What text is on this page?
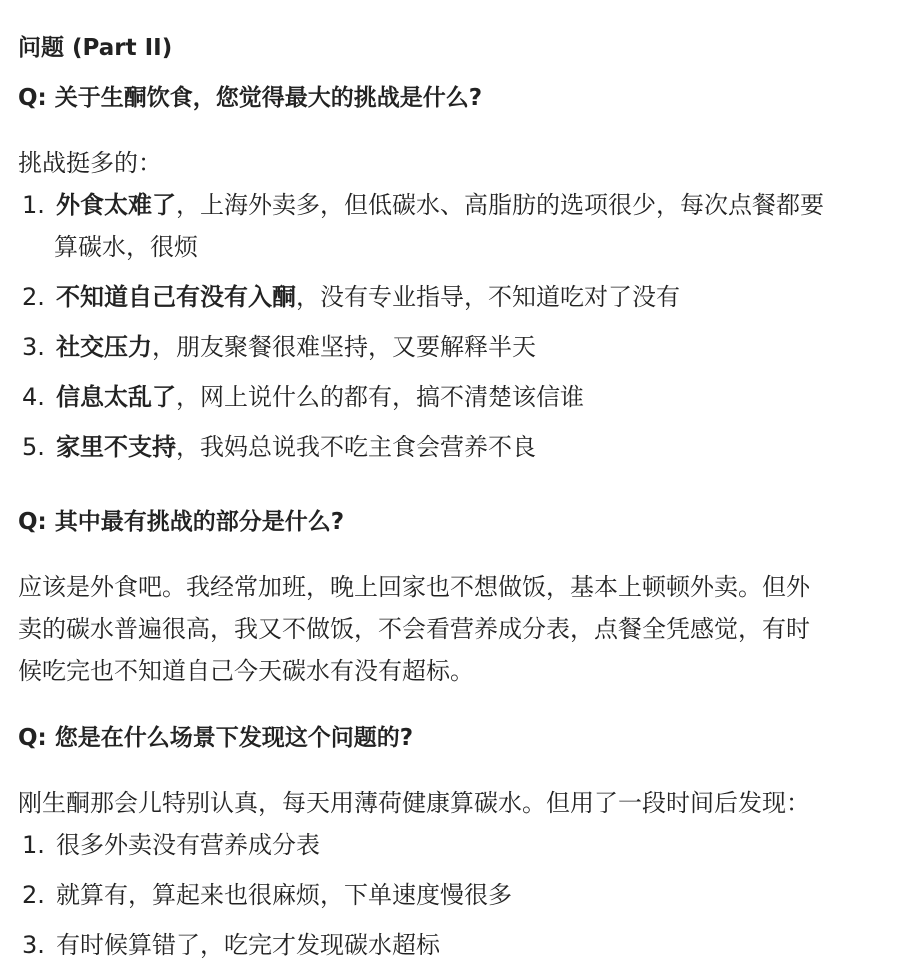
问题 (Part II)
Q: 关于生酮饮食，您觉得最大的挑战是什么?
挑战挺多的：
1. 外食太难了，上海外卖多，但低碳水、高脂肪的选项很少，每次点餐都要
算碳水，很烦
2. 不知道自己有没有入酮，没有专业指导，不知道吃对了没有
3. 社交压力，朋友聚餐很难坚持，又要解释半天
4. 信息太乱了，网上说什么的都有，搞不清楚该信谁
5. 家里不支持，我妈总说我不吃主食会营养不良
Q: 其中最有挑战的部分是什么?
应该是外食吧。我经常加班，晚上回家也不想做饭，基本上顿顿外卖。但外
卖的碳水普遍很高，我又不做饭，不会看营养成分表，点餐全凭感觉，有时
候吃完也不知道自己今天碳水有没有超标。
Q: 您是在什么场景下发现这个问题的?
刚生酮那会儿特别认真，每天用薄荷健康算碳水。但用了一段时间后发现：
1. 很多外卖没有营养成分表
2. 就算有，算起来也很麻烦，下单速度慢很多
3. 有时候算错了，吃完才发现碳水超标
